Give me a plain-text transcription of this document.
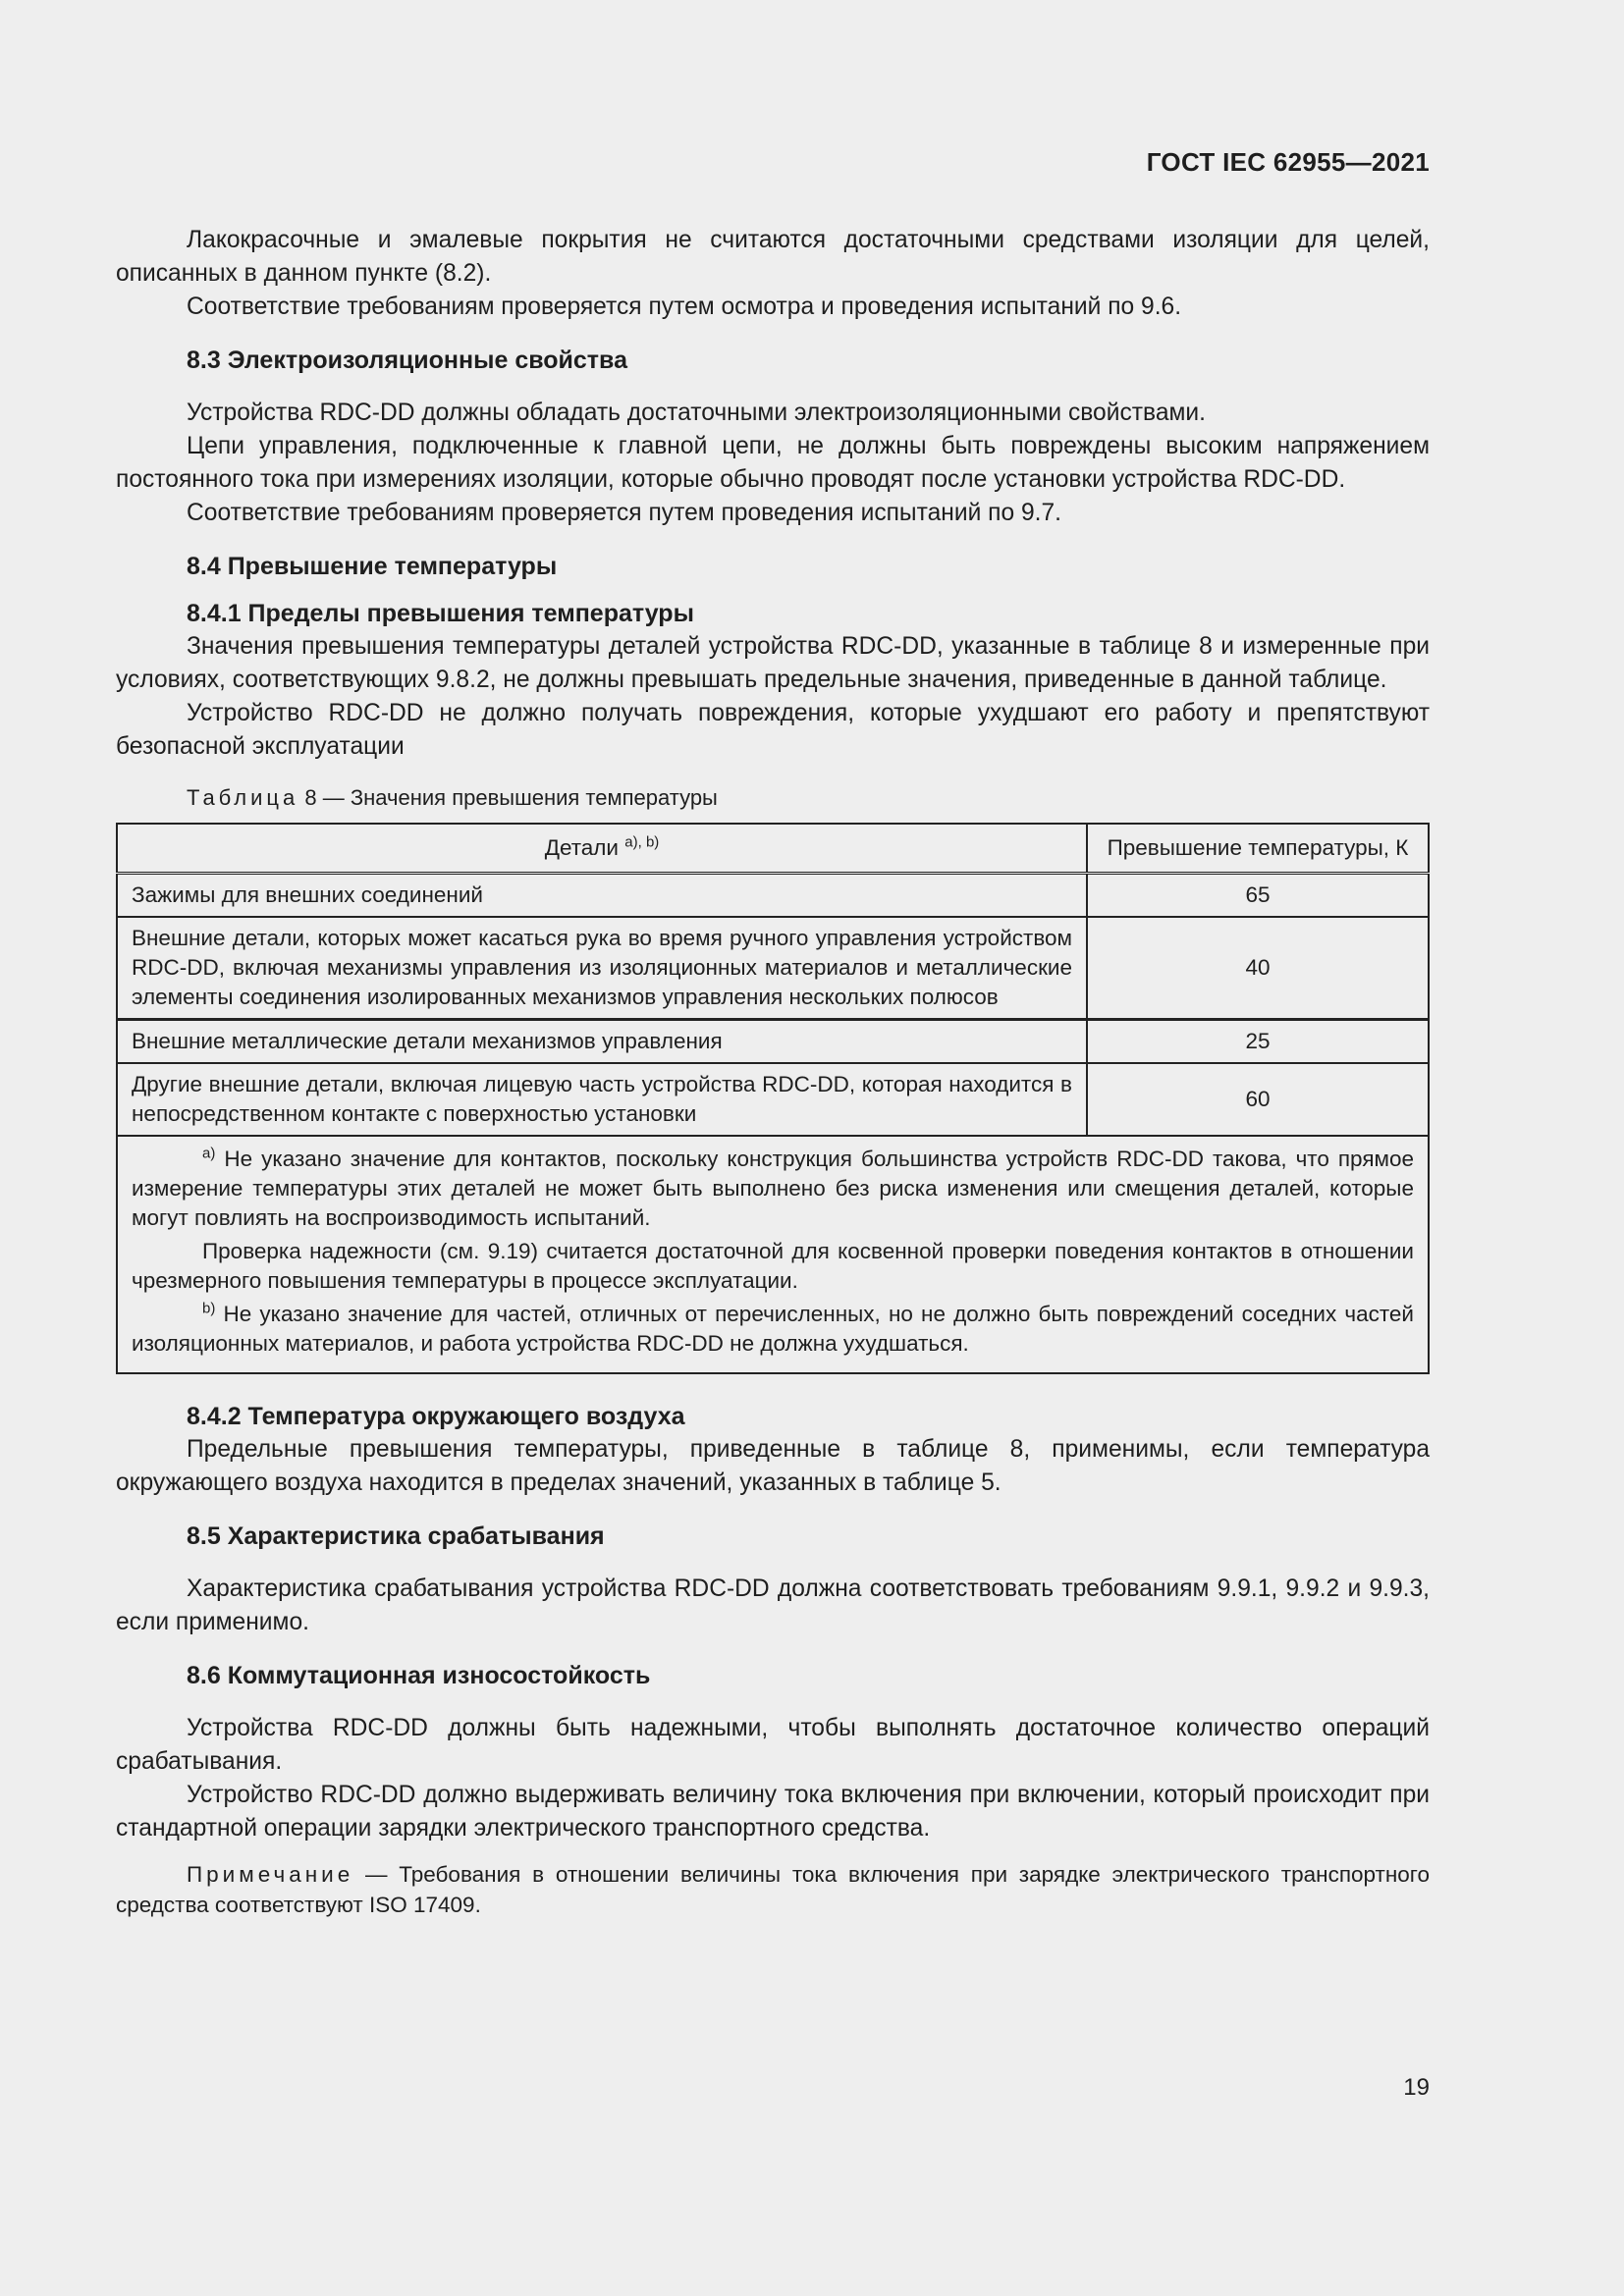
ГОСТ IEC 62955—2021

Лакокрасочные и эмалевые покрытия не считаются достаточными средствами изоляции для целей, описанных в данном пункте (8.2).

Соответствие требованиям проверяется путем осмотра и проведения испытаний по 9.6.

8.3 Электроизоляционные свойства

Устройства RDC-DD должны обладать достаточными электроизоляционными свойствами.

Цепи управления, подключенные к главной цепи, не должны быть повреждены высоким напряжением постоянного тока при измерениях изоляции, которые обычно проводят после установки устройства RDC-DD.

Соответствие требованиям проверяется путем проведения испытаний по 9.7.

8.4 Превышение температуры
8.4.1 Пределы превышения температуры

Значения превышения температуры деталей устройства RDC-DD, указанные в таблице 8 и измеренные при условиях, соответствующих 9.8.2, не должны превышать предельные значения, приведенные в данной таблице.

Устройство RDC-DD не должно получать повреждения, которые ухудшают его работу и препятствуют безопасной эксплуатации

Таблица 8 — Значения превышения температуры

Детали $^{a), b)}$	Превышение температуры, К
Зажимы для внешних соединений	65
Внешние детали, которых может касаться рука во время ручного управления устройством RDC-DD, включая механизмы управления из изоляционных материалов и металлические элементы соединения изолированных механизмов управления нескольких полюсов	40
Внешние металлические детали механизмов управления	25
Другие внешние детали, включая лицевую часть устройства RDC-DD, которая находится в непосредственном контакте с поверхностью установки	60

$^{a)}$ Не указано значение для контактов, поскольку конструкция большинства устройств RDC-DD такова, что прямое измерение температуры этих деталей не может быть выполнено без риска изменения или смещения деталей, которые могут повлиять на воспроизводимость испытаний.

Проверка надежности (см. 9.19) считается достаточной для косвенной проверки поведения контактов в отношении чрезмерного повышения температуры в процессе эксплуатации.

$^{b)}$ Не указано значение для частей, отличных от перечисленных, но не должно быть повреждений соседних частей изоляционных материалов, и работа устройства RDC-DD не должна ухудшаться.	

8.4.2 Температура окружающего воздуха

Предельные превышения температуры, приведенные в таблице 8, применимы, если температура окружающего воздуха находится в пределах значений, указанных в таблице 5.

8.5 Характеристика срабатывания

Характеристика срабатывания устройства RDC-DD должна соответствовать требованиям 9.9.1, 9.9.2 и 9.9.3, если применимо.

8.6 Коммутационная износостойкость

Устройства RDC-DD должны быть надежными, чтобы выполнять достаточное количество операций срабатывания.

Устройство RDC-DD должно выдерживать величину тока включения при включении, который происходит при стандартной операции зарядки электрического транспортного средства.

Примечание — Требования в отношении величины тока включения при зарядке электрического транспортного средства соответствуют ISO 17409.

19
